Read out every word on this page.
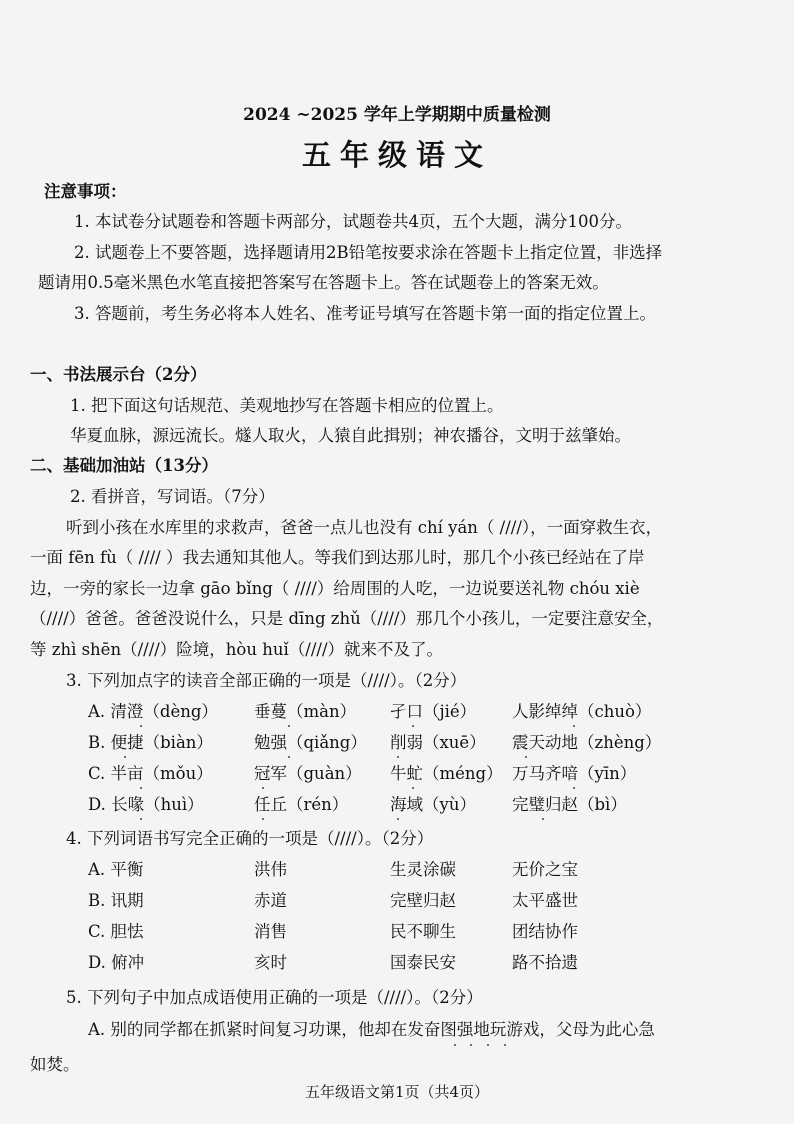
2024 ~2025 学年上学期期中质量检测
五年级语文
注意事项：
1. 本试卷分试题卷和答题卡两部分，试题卷共4页，五个大题，满分100分。
2. 试题卷上不要答题，选择题请用2B铅笔按要求涂在答题卡上指定位置，非选择
题请用0.5毫米黑色水笔直接把答案写在答题卡上。答在试题卷上的答案无效。
3. 答题前，考生务必将本人姓名、准考证号填写在答题卡第一面的指定位置上。
一、书法展示台（2分）
1. 把下面这句话规范、美观地抄写在答题卡相应的位置上。
华夏血脉，源远流长。燧人取火，人猿自此揖别；神农播谷，文明于兹肇始。
二、基础加油站（13分）
2. 看拼音，写词语。（7分）
听到小孩在水库里的求救声，爸爸一点儿也没有 chí yán（ ////），一面穿救生衣，
一面 fēn fù（ //// ）我去通知其他人。等我们到达那儿时，那几个小孩已经站在了岸
边，一旁的家长一边拿 gāo bǐng（ ////）给周围的人吃，一边说要送礼物 chóu xiè
（////）爸爸。爸爸没说什么，只是 dīng zhǔ（////）那几个小孩儿，一定要注意安全，
等 zhì shēn（////）险境，hòu huǐ（////）就来不及了。
3. 下列加点字的读音全部正确的一项是（////）。（2分）
A. 清澄（dèng） 垂蔓（màn） 孑口（jié） 人影绰绰（chuò）
B. 便捷（biàn） 勉强（qiǎng） 削弱（xuē） 震天动地（zhèng）
C. 半亩（mǒu）	冠军（guàn） 牛虻（méng） 万马齐喑（yīn）
D. 长喙（huì）	任丘（rén）	海域（yù） 完璧归赵（bì）
4. 下列词语书写完全正确的一项是（////）。（2分）
A. 平衡	洪伟	生灵涂碳	无价之宝
B. 讯期	赤道	完壁归赵	太平盛世
C. 胆怯	消售	民不聊生	团结协作
D. 俯冲	亥时	国泰民安	路不拾遗
5. 下列句子中加点成语使用正确的一项是（////）。（2分）
A. 别的同学都在抓紧时间复习功课，他却在发奋图强地玩游戏，父母为此心急
如焚。
五年级语文第1页（共4页）
